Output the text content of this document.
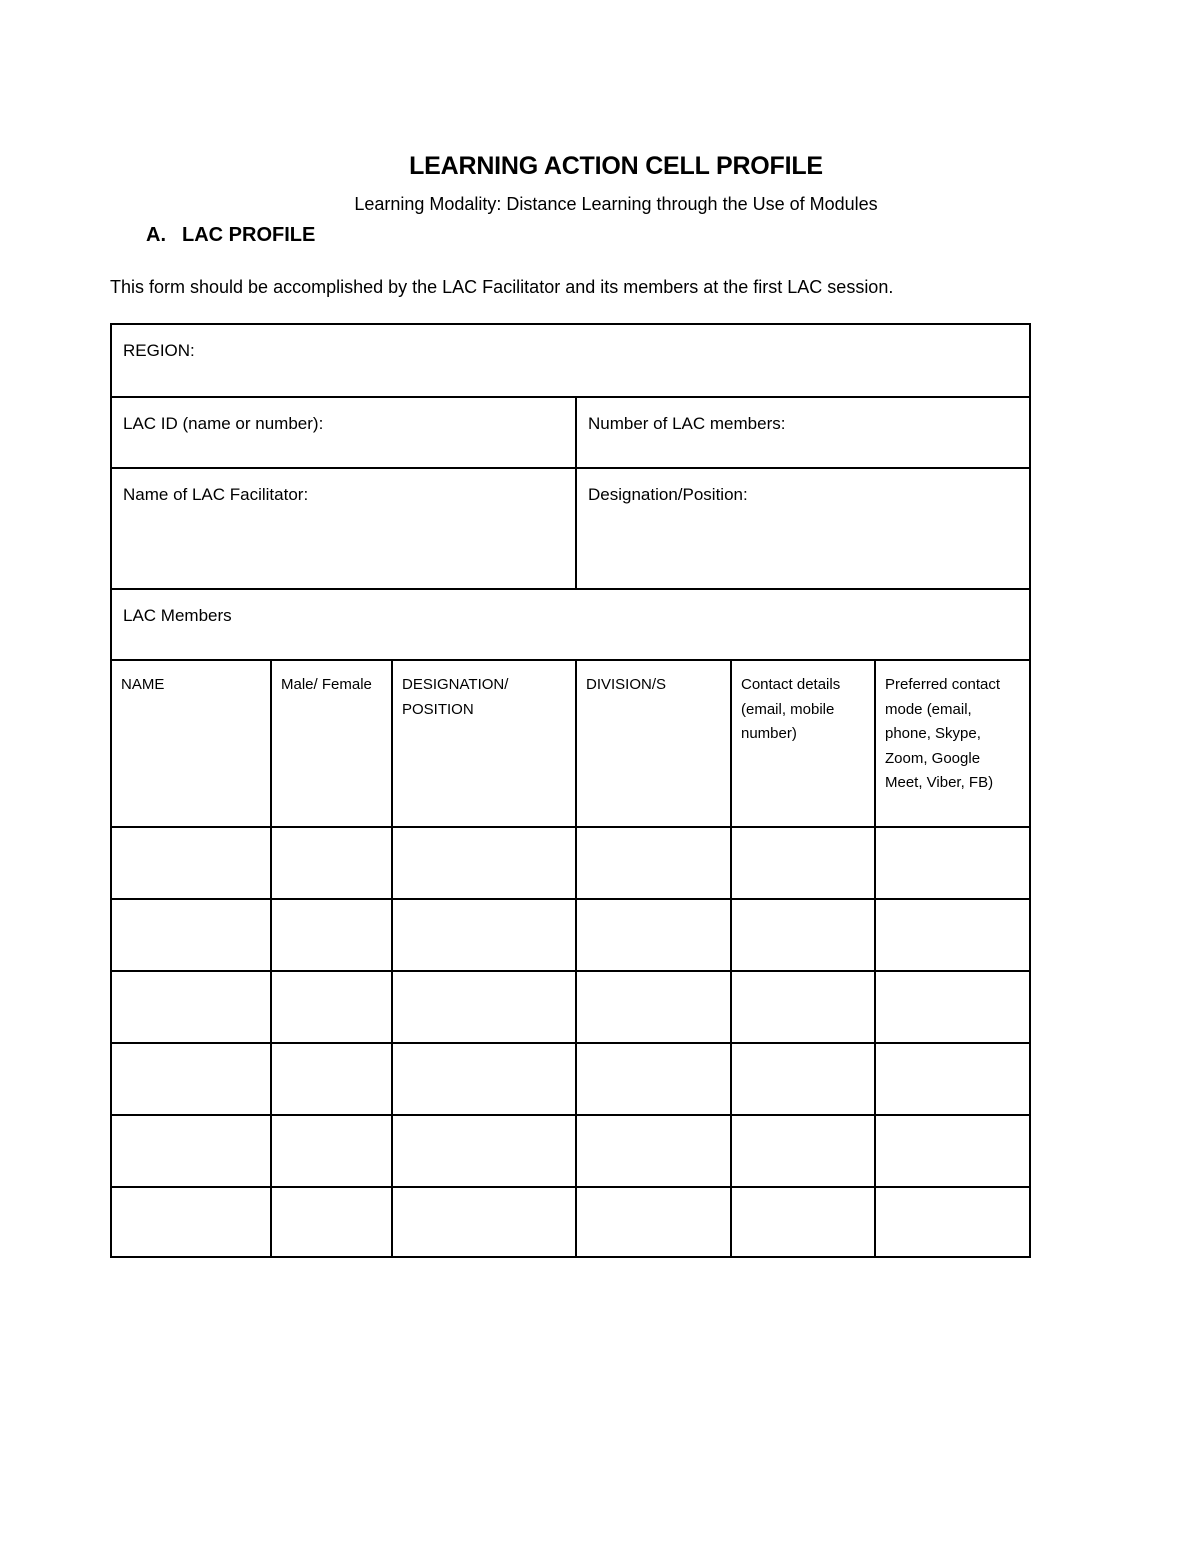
LEARNING ACTION CELL PROFILE
Learning Modality: Distance Learning through the Use of Modules
A. LAC PROFILE
This form should be accomplished by the LAC Facilitator and its members at the first LAC session.
REGION:					

LAC ID (name or number):			Number of LAC members:		

Name of LAC Facilitator:			Designation/Position:		

LAC Members					

NAME	Male/ Female	DESIGNATION/ POSITION	DIVISION/S	Contact details (email, mobile number)	Preferred contact mode (email, phone, Skype, Zoom, Google Meet, Viber, FB)
